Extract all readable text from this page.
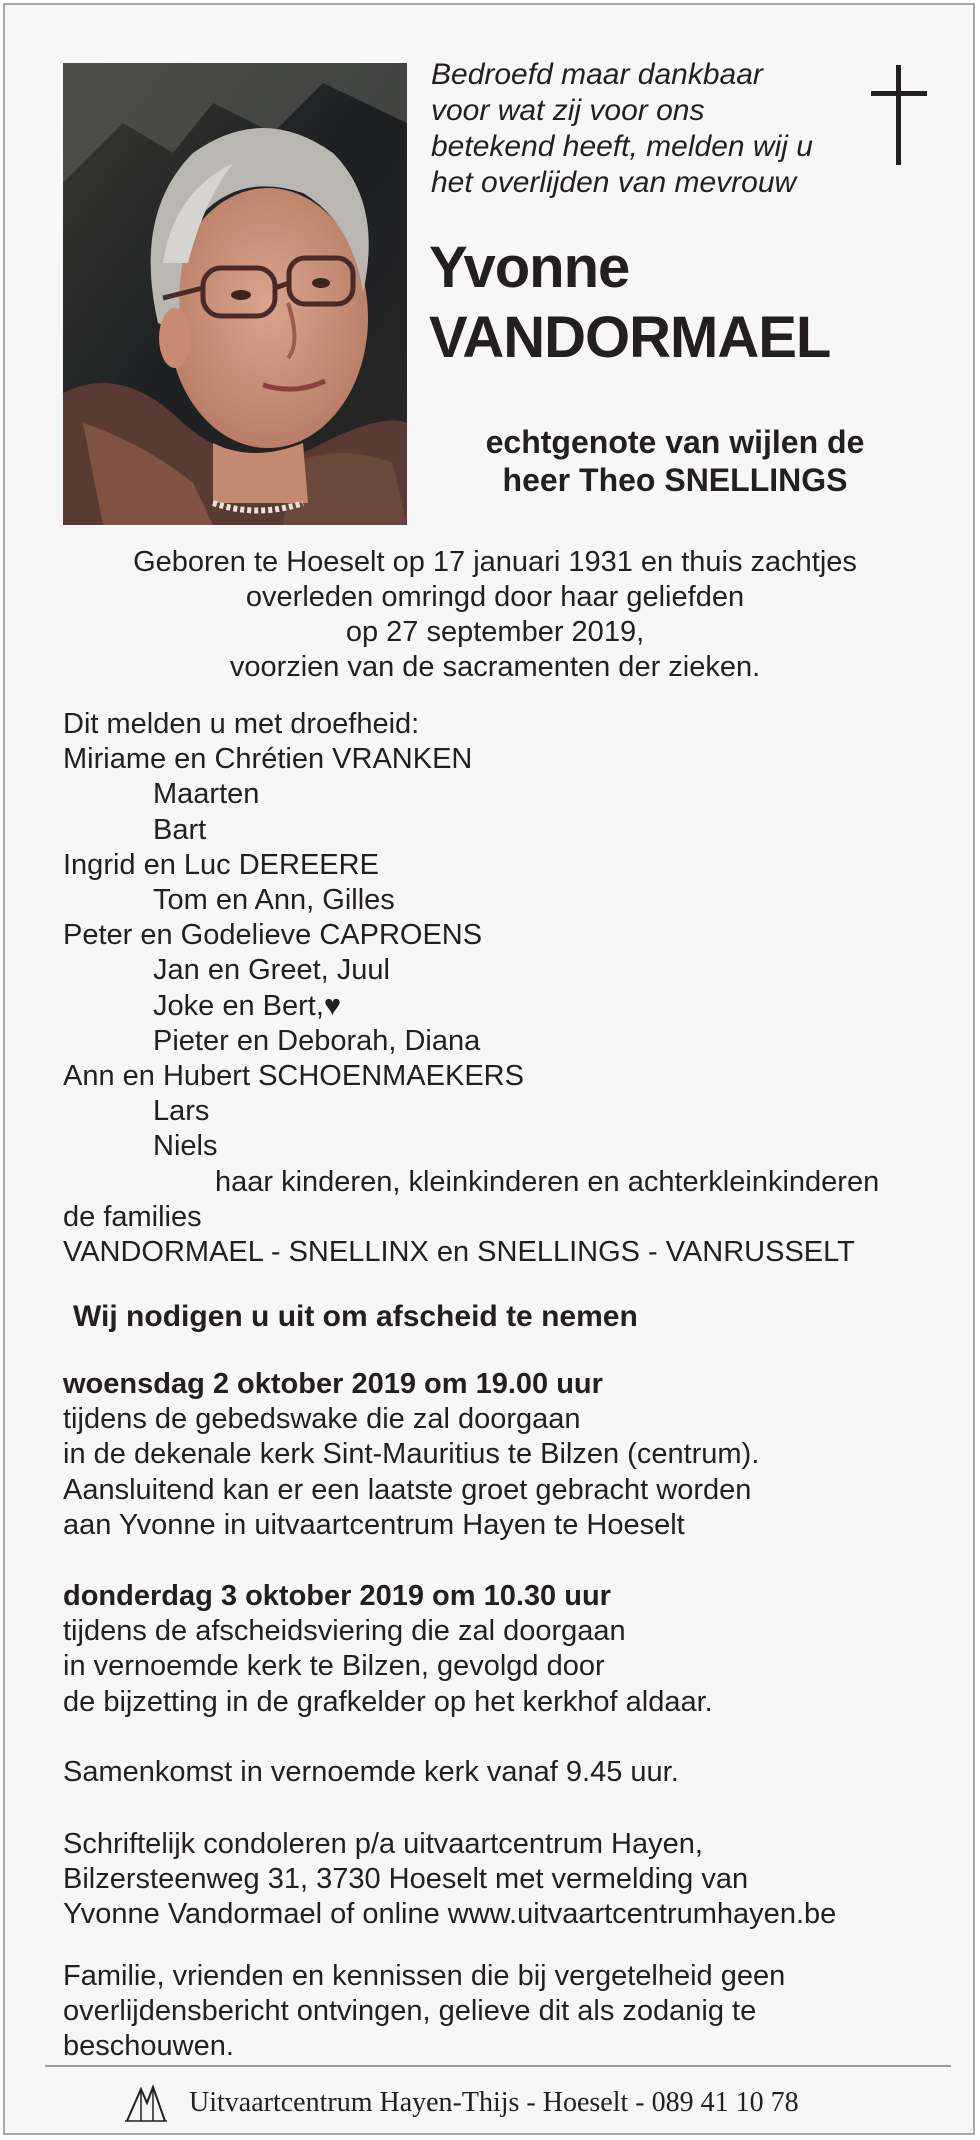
Bedroefd maar dankbaar
voor wat zij voor ons
betekend heeft, melden wij u
het overlijden van mevrouw
Yvonne
VANDORMAEL
echtgenote van wijlen de
heer Theo SNELLINGS
Geboren te Hoeselt op 17 januari 1931 en thuis zachtjes
overleden omringd door haar geliefden
op 27 september 2019,
voorzien van de sacramenten der zieken.
Dit melden u met droefheid:
Miriame en Chrétien VRANKEN
Maarten
Bart
Ingrid en Luc DEREERE
Tom en Ann, Gilles
Peter en Godelieve CAPROENS
Jan en Greet, Juul
Joke en Bert,♥
Pieter en Deborah, Diana
Ann en Hubert SCHOENMAEKERS
Lars
Niels
haar kinderen, kleinkinderen en achterkleinkinderen
de families
VANDORMAEL - SNELLINX en SNELLINGS - VANRUSSELT
Wij nodigen u uit om afscheid te nemen
woensdag 2 oktober 2019 om 19.00 uur
tijdens de gebedswake die zal doorgaan
in de dekenale kerk Sint-Mauritius te Bilzen (centrum).
Aansluitend kan er een laatste groet gebracht worden
aan Yvonne in uitvaartcentrum Hayen te Hoeselt
donderdag 3 oktober 2019 om 10.30 uur
tijdens de afscheidsviering die zal doorgaan
in vernoemde kerk te Bilzen, gevolgd door
de bijzetting in de grafkelder op het kerkhof aldaar.
Samenkomst in vernoemde kerk vanaf 9.45 uur.
Schriftelijk condoleren p/a uitvaartcentrum Hayen,
Bilzersteenweg 31, 3730 Hoeselt met vermelding van
Yvonne Vandormael of online www.uitvaartcentrumhayen.be
Familie, vrienden en kennissen die bij vergetelheid geen
overlijdensbericht ontvingen, gelieve dit als zodanig te
beschouwen.
Uitvaartcentrum Hayen-Thijs - Hoeselt - 089 41 10 78
